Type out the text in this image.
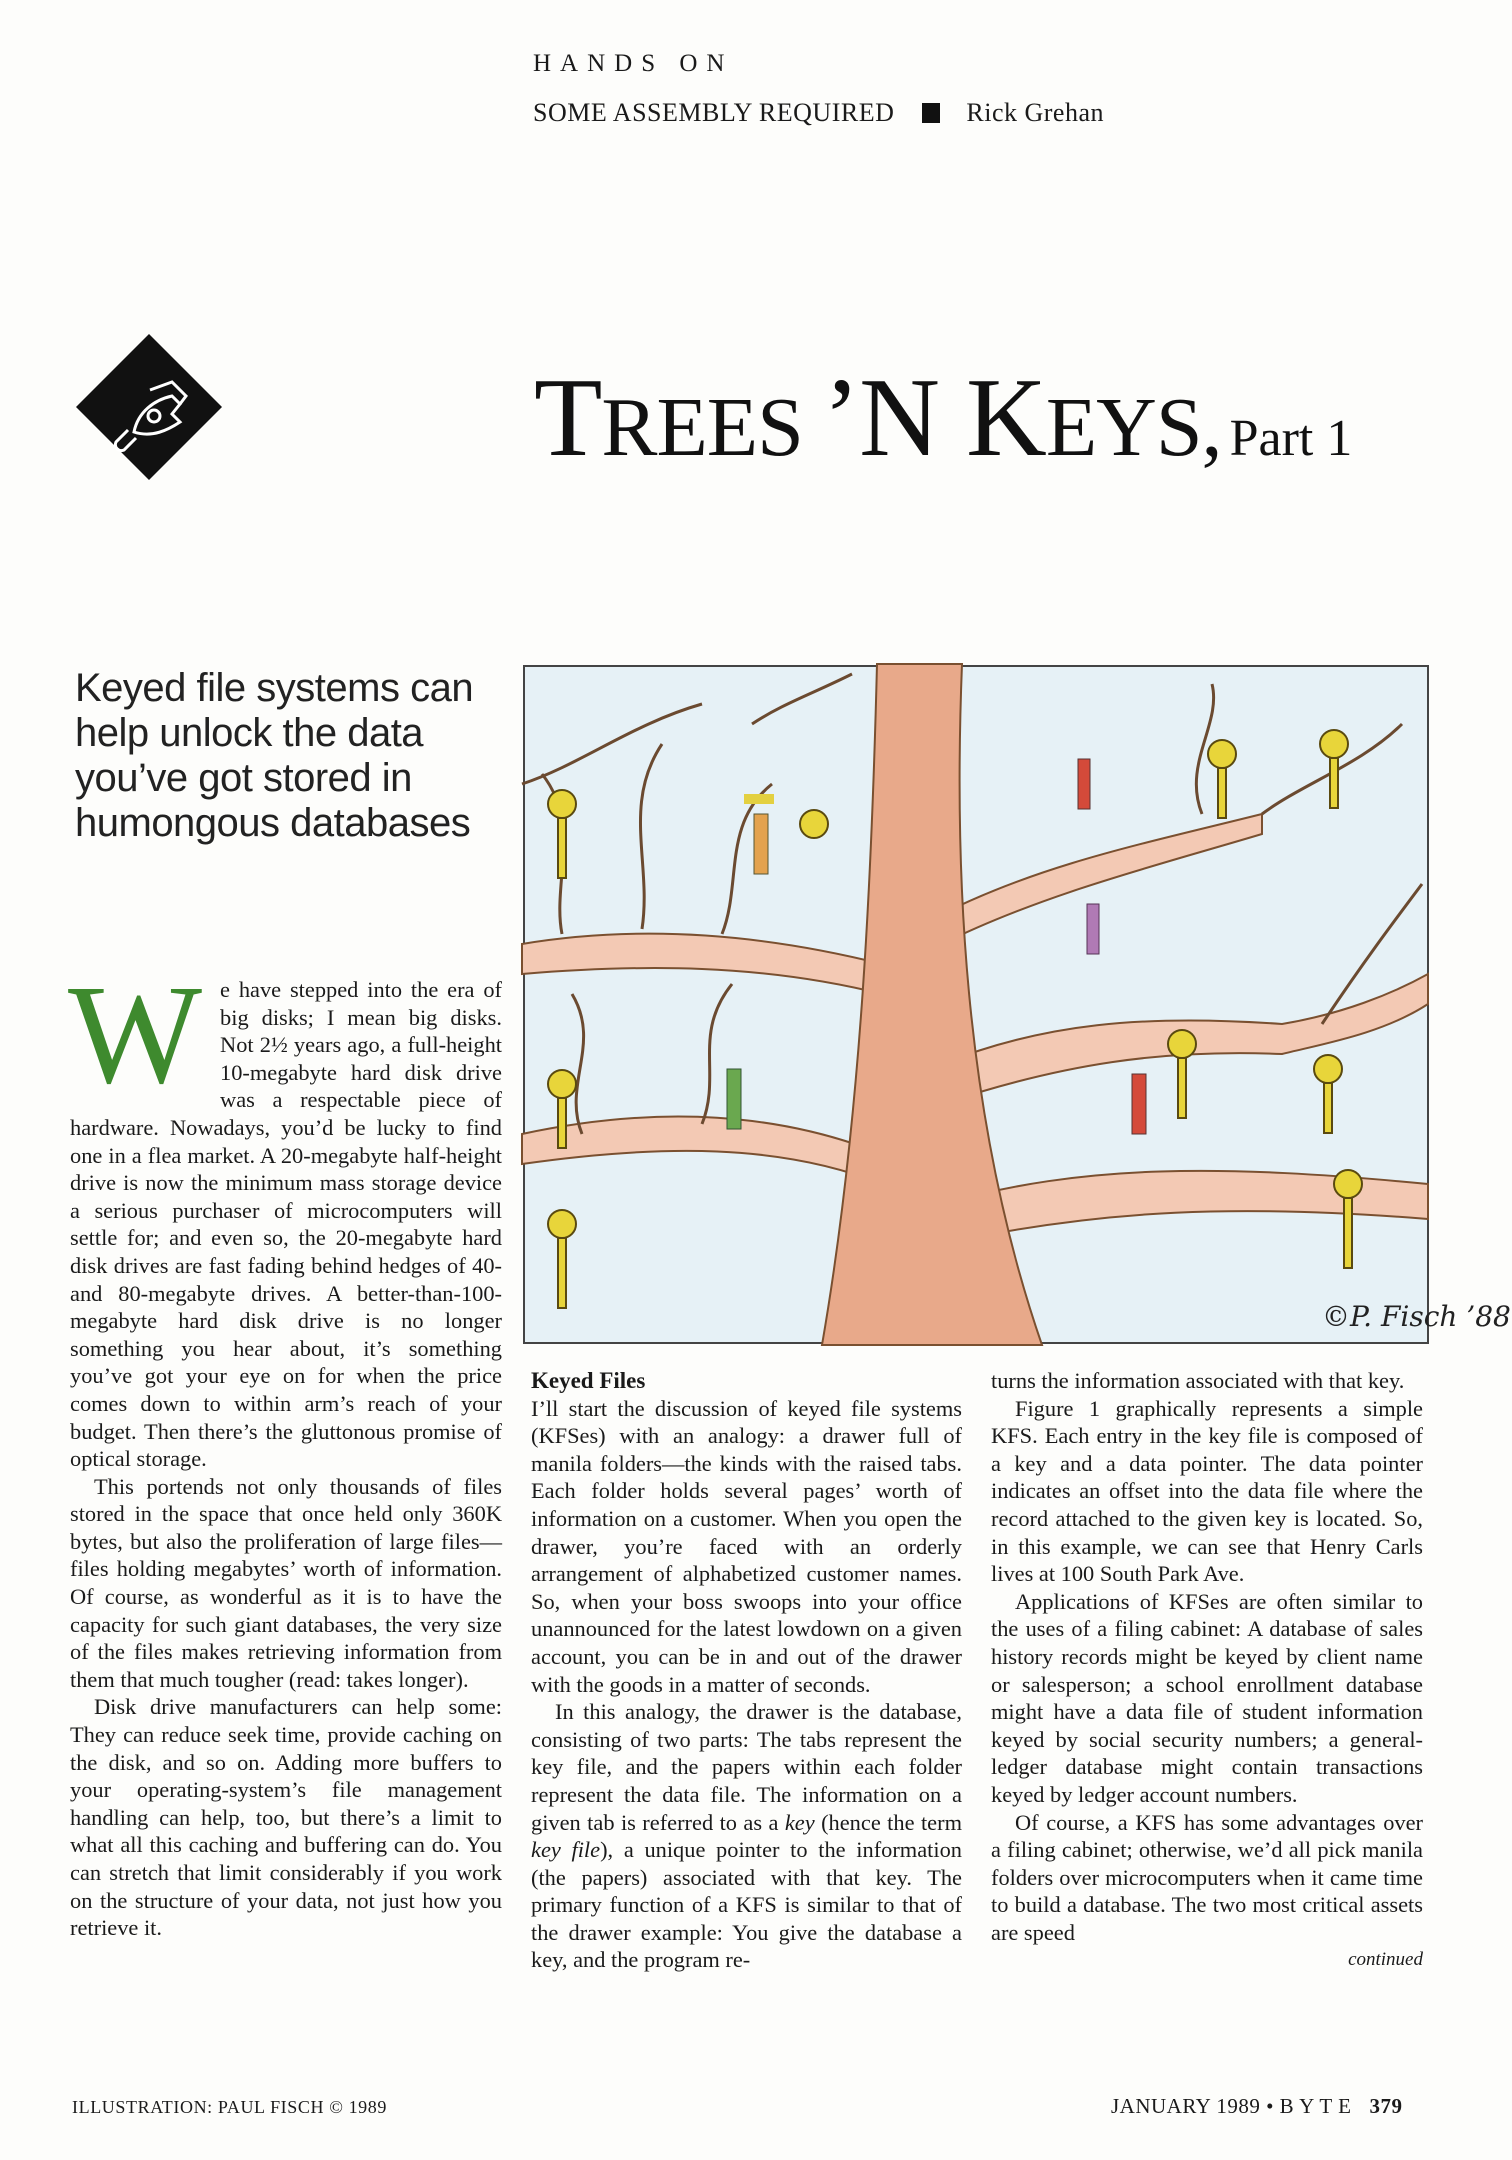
HANDS ON
SOME ASSEMBLY REQUIRED	Rick Grehan
TREES ’N KEYS, Part 1
Keyed file systems can help unlock the data you’ve got stored in humongous databases
©P. Fisch ’88
W e have stepped into the era of big disks; I mean big disks. Not 2½ years ago, a full-height 10-megabyte hard disk drive was a respectable piece of hardware. Nowadays, you’d be lucky to find one in a flea market. A 20-megabyte half-height drive is now the minimum mass storage device a serious purchaser of microcomputers will settle for; and even so, the 20-megabyte hard disk drives are fast fading behind hedges of 40- and 80-megabyte drives. A better-than-100-megabyte hard disk drive is no longer something you hear about, it’s something you’ve got your eye on for when the price comes down to within arm’s reach of your budget. Then there’s the gluttonous promise of optical storage.

This portends not only thousands of files stored in the space that once held only 360K bytes, but also the proliferation of large files—files holding megabytes’ worth of information. Of course, as wonderful as it is to have the capacity for such giant databases, the very size of the files makes retrieving information from them that much tougher (read: takes longer).

Disk drive manufacturers can help some: They can reduce seek time, provide caching on the disk, and so on. Adding more buffers to your operating-system’s file management handling can help, too, but there’s a limit to what all this caching and buffering can do. You can stretch that limit considerably if you work on the structure of your data, not just how you retrieve it.

Keyed Files

I’ll start the discussion of keyed file systems (KFSes) with an analogy: a drawer full of manila folders—the kinds with the raised tabs. Each folder holds several pages’ worth of information on a customer. When you open the drawer, you’re faced with an orderly arrangement of alphabetized customer names. So, when your boss swoops into your office unannounced for the latest lowdown on a given account, you can be in and out of the drawer with the goods in a matter of seconds.

In this analogy, the drawer is the database, consisting of two parts: The tabs represent the key file, and the papers within each folder represent the data file. The information on a given tab is referred to as a key (hence the term key file), a unique pointer to the information (the papers) associated with that key. The primary function of a KFS is similar to that of the drawer example: You give the database a key, and the program re-

turns the information associated with that key.

Figure 1 graphically represents a simple KFS. Each entry in the key file is composed of a key and a data pointer. The data pointer indicates an offset into the data file where the record attached to the given key is located. So, in this example, we can see that Henry Carls lives at 100 South Park Ave.

Applications of KFSes are often similar to the uses of a filing cabinet: A database of sales history records might be keyed by client name or salesperson; a school enrollment database might have a data file of student information keyed by social security numbers; a general-ledger database might contain transactions keyed by ledger account numbers.

Of course, a KFS has some advantages over a filing cabinet; otherwise, we’d all pick manila folders over microcomputers when it came time to build a database. The two most critical assets are speed

continued
ILLUSTRATION: PAUL FISCH © 1989	JANUARY 1989 • B Y T E 379
